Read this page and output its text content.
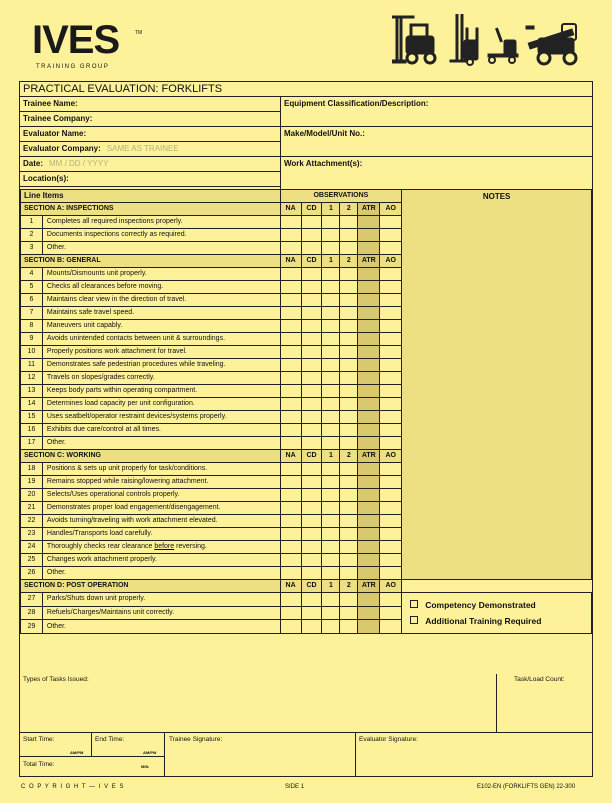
IVES	TM
TRAINING GROUP
PRACTICAL EVALUATION: FORKLIFTS
Trainee Name:
Trainee Company:
Evaluator Name:
Evaluator Company: SAME AS TRAINEE
Date: MM / DD / YYYY
Location(s):
Equipment Classification/Description:
Make/Model/Unit No.:
Work Attachment(s):
Line Items		OBSERVATIONS						NOTES
SECTION A: INSPECTIONS		NA	CD	1	2	ATR	AO	
1	Completes all required inspections properly.							
2	Documents inspections correctly as required.							
3	Other.							
SECTION B: GENERAL		NA	CD	1	2	ATR	AO	
4	Mounts/Dismounts unit properly.							
5	Checks all clearances before moving.							
6	Maintains clear view in the direction of travel.							
7	Maintains safe travel speed.							
8	Maneuvers unit capably.							
9	Avoids unintended contacts between unit & surroundings.							
10	Properly positions work attachment for travel.							
11	Demonstrates safe pedestrian procedures while traveling.							
12	Travels on slopes/grades correctly.							
13	Keeps body parts within operating compartment.							
14	Determines load capacity per unit configuration.							
15	Uses seatbelt/operator restraint devices/systems properly.							
16	Exhibits due care/control at all times.							
17	Other.							
SECTION C: WORKING		NA	CD	1	2	ATR	AO	
18	Positions & sets up unit properly for task/conditions.							
19	Remains stopped while raising/lowering attachment.							
20	Selects/Uses operational controls properly.							
21	Demonstrates proper load engagement/disengagement.							
22	Avoids turning/traveling with work attachment elevated.							
23	Handles/Transports load carefully.							
24	Thoroughly checks rear clearance before reversing.							
25	Changes work attachment properly.							
26	Other.							
SECTION D: POST OPERATION		NA	CD	1	2	ATR	AO	
27	Parks/Shuts down unit properly.							Competency Demonstrated
Additional Training Required

28	Refuels/Charges/Maintains unit correctly.							
29	Other.							
Types of Tasks Issued:	Task/Load Count:
Start Time:
AM/PM
End Time:
AM/PM
Total Time:	MIN.
Trainee Signature:	Evaluator Signature:
C O P Y R I G H T — I V E S	SIDE 1	E102-EN (FORKLIFTS GEN) 22-300
